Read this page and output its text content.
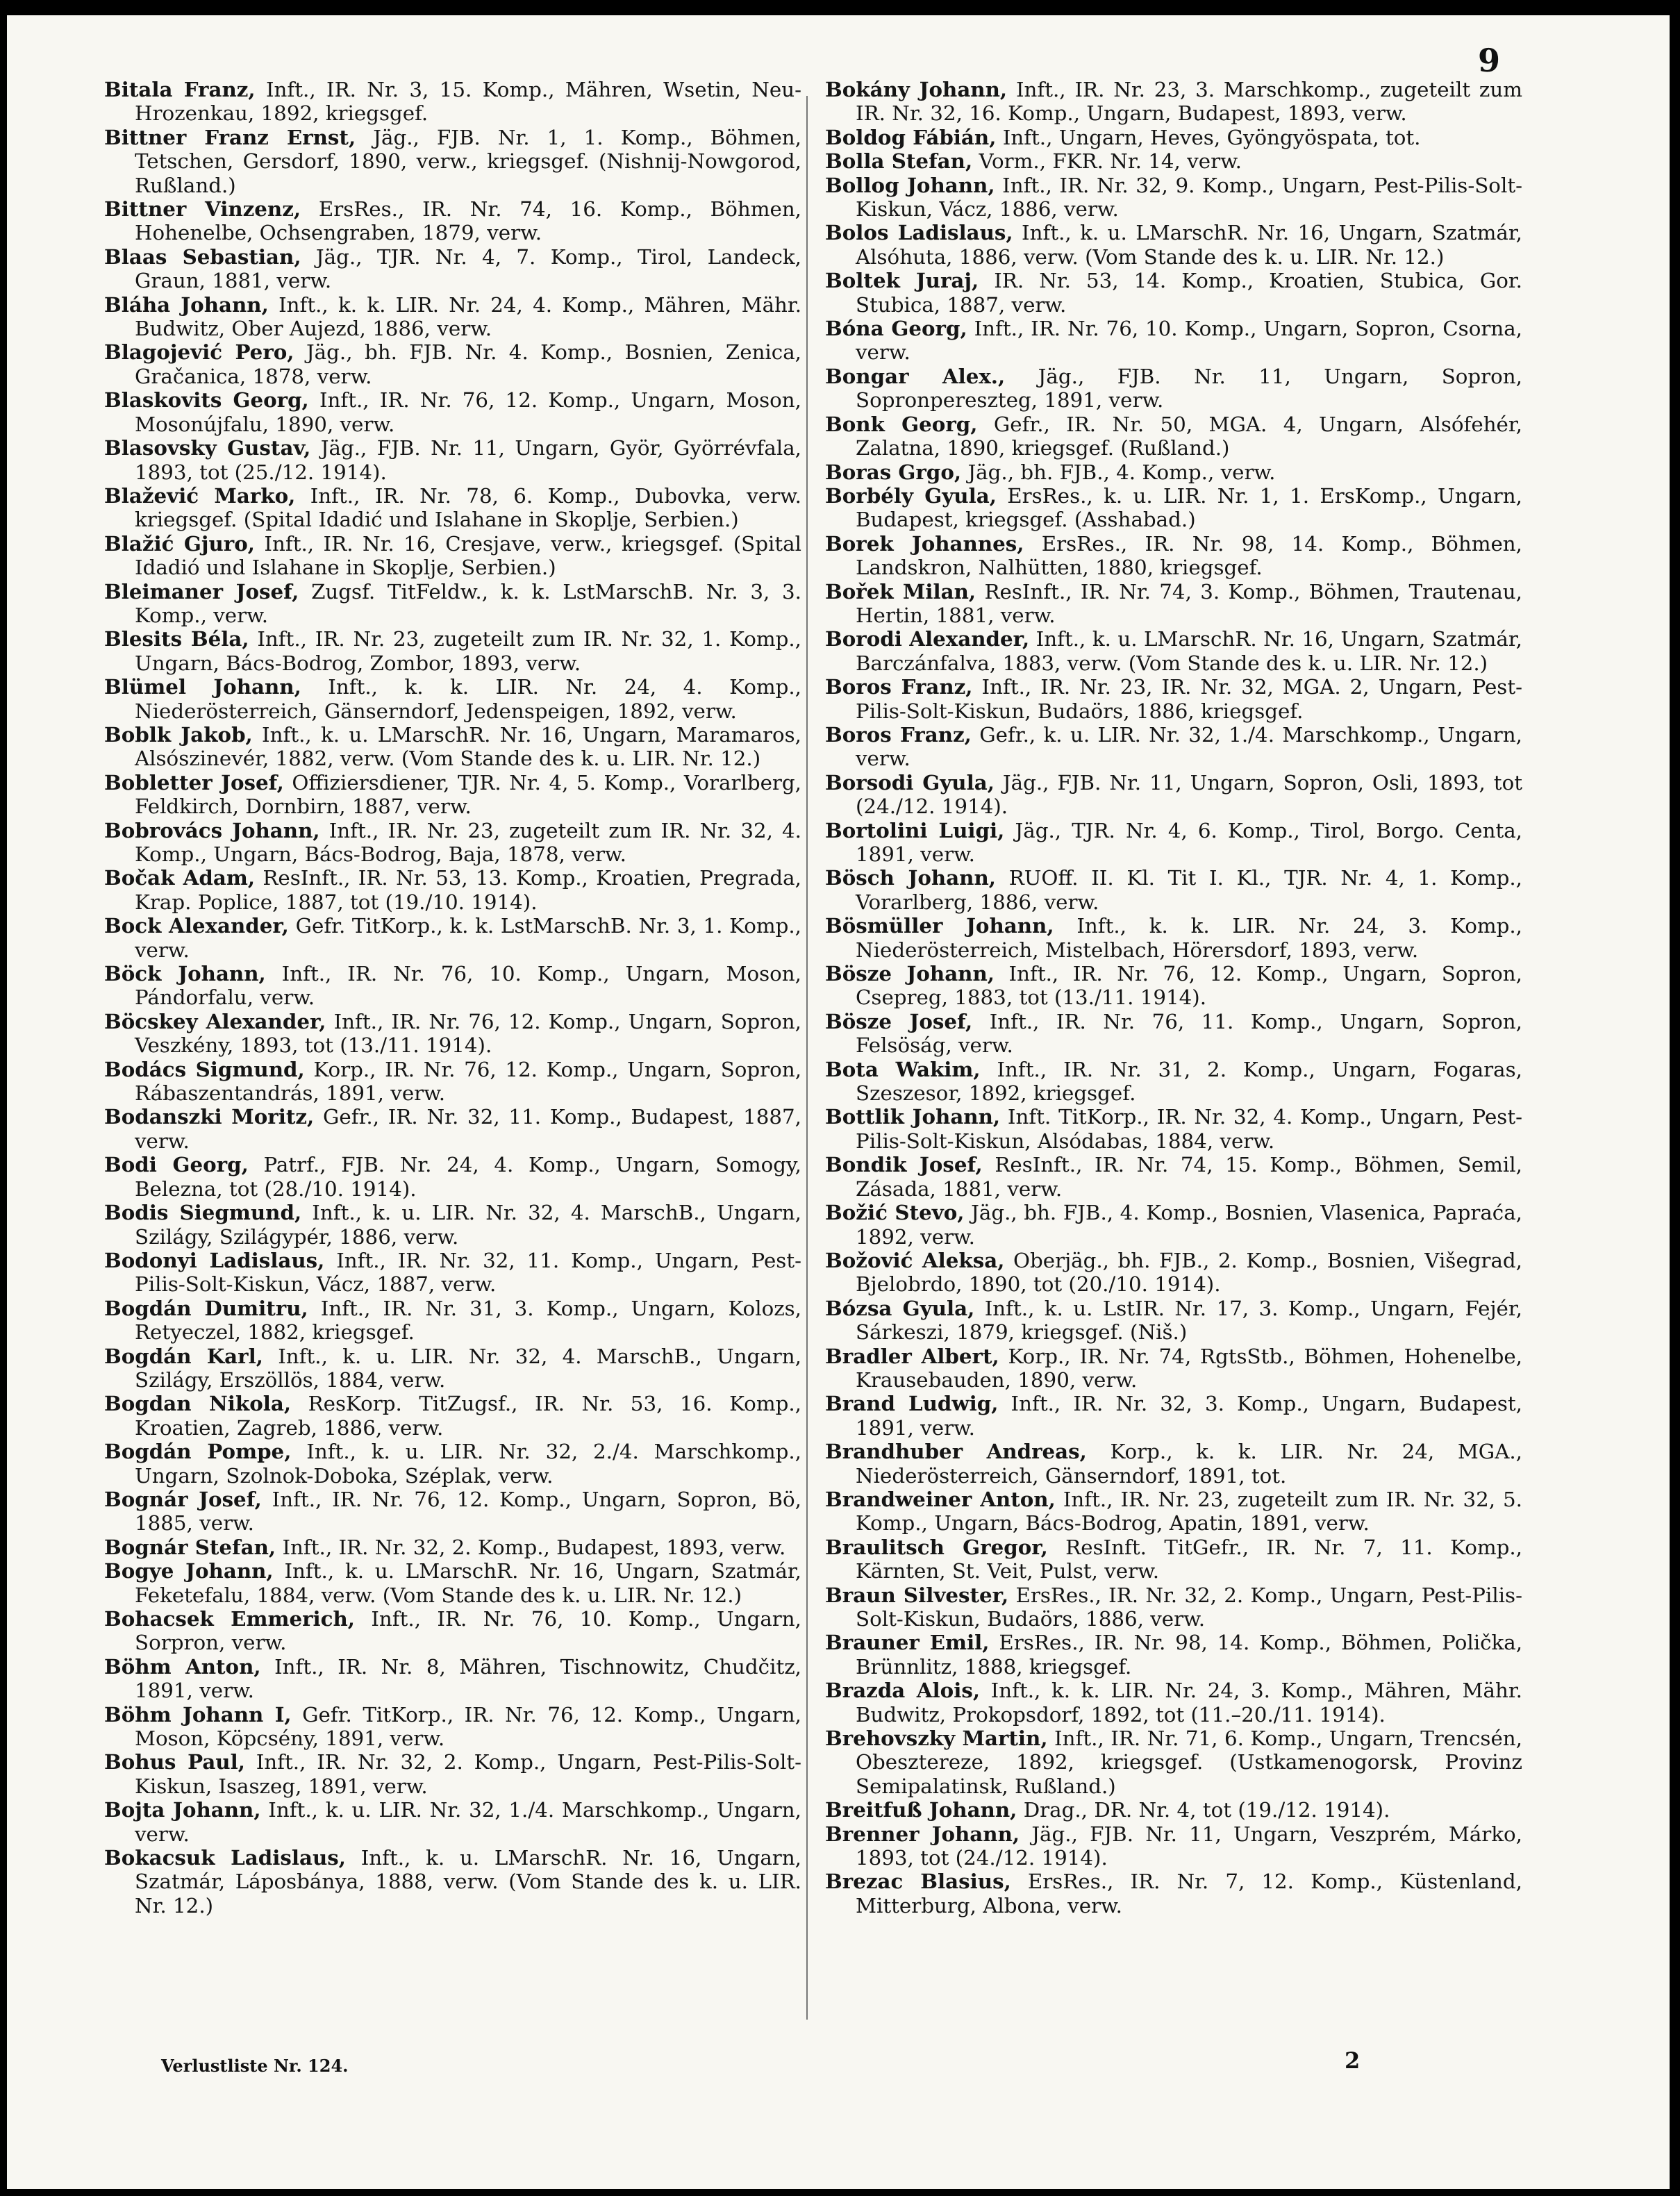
9

Bitala Franz, Inft., IR. Nr. 3, 15. Komp., Mähren, Wsetin, Neu-Hrozenkau, 1892, kriegsgef.

Bittner Franz Ernst, Jäg., FJB. Nr. 1, 1. Komp., Böhmen, Tetschen, Gersdorf, 1890, verw., kriegsgef. (Nishnij-Nowgorod, Rußland.)

Bittner Vinzenz, ErsRes., IR. Nr. 74, 16. Komp., Böhmen, Hohenelbe, Ochsengraben, 1879, verw.

Blaas Sebastian, Jäg., TJR. Nr. 4, 7. Komp., Tirol, Landeck, Graun, 1881, verw.

Bláha Johann, Inft., k. k. LIR. Nr. 24, 4. Komp., Mähren, Mähr. Budwitz, Ober Aujezd, 1886, verw.

Blagojević Pero, Jäg., bh. FJB. Nr. 4. Komp., Bosnien, Zenica, Gračanica, 1878, verw.

Blaskovits Georg, Inft., IR. Nr. 76, 12. Komp., Ungarn, Moson, Mosonújfalu, 1890, verw.

Blasovsky Gustav, Jäg., FJB. Nr. 11, Ungarn, Györ, Györrévfala, 1893, tot (25./12. 1914).

Blažević Marko, Inft., IR. Nr. 78, 6. Komp., Dubovka, verw. kriegsgef. (Spital Idadić und Islahane in Skoplje, Serbien.)

Blažić Gjuro, Inft., IR. Nr. 16, Cresjave, verw., kriegsgef. (Spital Idadió und Islahane in Skoplje, Serbien.)

Bleimaner Josef, Zugsf. TitFeldw., k. k. LstMarschB. Nr. 3, 3. Komp., verw.

Blesits Béla, Inft., IR. Nr. 23, zugeteilt zum IR. Nr. 32, 1. Komp., Ungarn, Bács-Bodrog, Zombor, 1893, verw.

Blümel Johann, Inft., k. k. LIR. Nr. 24, 4. Komp., Niederösterreich, Gänserndorf, Jedenspeigen, 1892, verw.

Boblk Jakob, Inft., k. u. LMarschR. Nr. 16, Ungarn, Maramaros, Alsószinevér, 1882, verw. (Vom Stande des k. u. LIR. Nr. 12.)

Bobletter Josef, Offiziersdiener, TJR. Nr. 4, 5. Komp., Vorarlberg, Feldkirch, Dornbirn, 1887, verw.

Bobrovács Johann, Inft., IR. Nr. 23, zugeteilt zum IR. Nr. 32, 4. Komp., Ungarn, Bács-Bodrog, Baja, 1878, verw.

Bočak Adam, ResInft., IR. Nr. 53, 13. Komp., Kroatien, Pregrada, Krap. Poplice, 1887, tot (19./10. 1914).

Bock Alexander, Gefr. TitKorp., k. k. LstMarschB. Nr. 3, 1. Komp., verw.

Böck Johann, Inft., IR. Nr. 76, 10. Komp., Ungarn, Moson, Pándorfalu, verw.

Böcskey Alexander, Inft., IR. Nr. 76, 12. Komp., Ungarn, Sopron, Veszkény, 1893, tot (13./11. 1914).

Bodács Sigmund, Korp., IR. Nr. 76, 12. Komp., Ungarn, Sopron, Rábaszentandrás, 1891, verw.

Bodanszki Moritz, Gefr., IR. Nr. 32, 11. Komp., Budapest, 1887, verw.

Bodi Georg, Patrf., FJB. Nr. 24, 4. Komp., Ungarn, Somogy, Belezna, tot (28./10. 1914).

Bodis Siegmund, Inft., k. u. LIR. Nr. 32, 4. MarschB., Ungarn, Szilágy, Szilágypér, 1886, verw.

Bodonyi Ladislaus, Inft., IR. Nr. 32, 11. Komp., Ungarn, Pest-Pilis-Solt-Kiskun, Vácz, 1887, verw.

Bogdán Dumitru, Inft., IR. Nr. 31, 3. Komp., Ungarn, Kolozs, Retyeczel, 1882, kriegsgef.

Bogdán Karl, Inft., k. u. LIR. Nr. 32, 4. MarschB., Ungarn, Szilágy, Erszöllös, 1884, verw.

Bogdan Nikola, ResKorp. TitZugsf., IR. Nr. 53, 16. Komp., Kroatien, Zagreb, 1886, verw.

Bogdán Pompe, Inft., k. u. LIR. Nr. 32, 2./4. Marschkomp., Ungarn, Szolnok-Doboka, Széplak, verw.

Bognár Josef, Inft., IR. Nr. 76, 12. Komp., Ungarn, Sopron, Bö, 1885, verw.

Bognár Stefan, Inft., IR. Nr. 32, 2. Komp., Budapest, 1893, verw.

Bogye Johann, Inft., k. u. LMarschR. Nr. 16, Ungarn, Szatmár, Feketefalu, 1884, verw. (Vom Stande des k. u. LIR. Nr. 12.)

Bohacsek Emmerich, Inft., IR. Nr. 76, 10. Komp., Ungarn, Sorpron, verw.

Böhm Anton, Inft., IR. Nr. 8, Mähren, Tischnowitz, Chudčitz, 1891, verw.

Böhm Johann I, Gefr. TitKorp., IR. Nr. 76, 12. Komp., Ungarn, Moson, Köpcsény, 1891, verw.

Bohus Paul, Inft., IR. Nr. 32, 2. Komp., Ungarn, Pest-Pilis-Solt-Kiskun, Isaszeg, 1891, verw.

Bojta Johann, Inft., k. u. LIR. Nr. 32, 1./4. Marschkomp., Ungarn, verw.

Bokacsuk Ladislaus, Inft., k. u. LMarschR. Nr. 16, Ungarn, Szatmár, Láposbánya, 1888, verw. (Vom Stande des k. u. LIR. Nr. 12.)

Bokány Johann, Inft., IR. Nr. 23, 3. Marschkomp., zugeteilt zum IR. Nr. 32, 16. Komp., Ungarn, Budapest, 1893, verw.

Boldog Fábián, Inft., Ungarn, Heves, Gyöngyöspata, tot.

Bolla Stefan, Vorm., FKR. Nr. 14, verw.

Bollog Johann, Inft., IR. Nr. 32, 9. Komp., Ungarn, Pest-Pilis-Solt-Kiskun, Vácz, 1886, verw.

Bolos Ladislaus, Inft., k. u. LMarschR. Nr. 16, Ungarn, Szatmár, Alsóhuta, 1886, verw. (Vom Stande des k. u. LIR. Nr. 12.)

Boltek Juraj, IR. Nr. 53, 14. Komp., Kroatien, Stubica, Gor. Stubica, 1887, verw.

Bóna Georg, Inft., IR. Nr. 76, 10. Komp., Ungarn, Sopron, Csorna, verw.

Bongar Alex., Jäg., FJB. Nr. 11, Ungarn, Sopron, Sopronpereszteg, 1891, verw.

Bonk Georg, Gefr., IR. Nr. 50, MGA. 4, Ungarn, Alsófehér, Zalatna, 1890, kriegsgef. (Rußland.)

Boras Grgo, Jäg., bh. FJB., 4. Komp., verw.

Borbély Gyula, ErsRes., k. u. LIR. Nr. 1, 1. ErsKomp., Ungarn, Budapest, kriegsgef. (Asshabad.)

Borek Johannes, ErsRes., IR. Nr. 98, 14. Komp., Böhmen, Landskron, Nalhütten, 1880, kriegsgef.

Bořek Milan, ResInft., IR. Nr. 74, 3. Komp., Böhmen, Trautenau, Hertin, 1881, verw.

Borodi Alexander, Inft., k. u. LMarschR. Nr. 16, Ungarn, Szatmár, Barczánfalva, 1883, verw. (Vom Stande des k. u. LIR. Nr. 12.)

Boros Franz, Inft., IR. Nr. 23, IR. Nr. 32, MGA. 2, Ungarn, Pest-Pilis-Solt-Kiskun, Budaörs, 1886, kriegsgef.

Boros Franz, Gefr., k. u. LIR. Nr. 32, 1./4. Marschkomp., Ungarn, verw.

Borsodi Gyula, Jäg., FJB. Nr. 11, Ungarn, Sopron, Osli, 1893, tot (24./12. 1914).

Bortolini Luigi, Jäg., TJR. Nr. 4, 6. Komp., Tirol, Borgo. Centa, 1891, verw.

Bösch Johann, RUOff. II. Kl. Tit I. Kl., TJR. Nr. 4, 1. Komp., Vorarlberg, 1886, verw.

Bösmüller Johann, Inft., k. k. LIR. Nr. 24, 3. Komp., Niederösterreich, Mistelbach, Hörersdorf, 1893, verw.

Bösze Johann, Inft., IR. Nr. 76, 12. Komp., Ungarn, Sopron, Csepreg, 1883, tot (13./11. 1914).

Bösze Josef, Inft., IR. Nr. 76, 11. Komp., Ungarn, Sopron, Felsöság, verw.

Bota Wakim, Inft., IR. Nr. 31, 2. Komp., Ungarn, Fogaras, Szeszesor, 1892, kriegsgef.

Bottlik Johann, Inft. TitKorp., IR. Nr. 32, 4. Komp., Ungarn, Pest-Pilis-Solt-Kiskun, Alsódabas, 1884, verw.

Bondik Josef, ResInft., IR. Nr. 74, 15. Komp., Böhmen, Semil, Zásada, 1881, verw.

Božić Stevo, Jäg., bh. FJB., 4. Komp., Bosnien, Vlasenica, Papraća, 1892, verw.

Božović Aleksa, Oberjäg., bh. FJB., 2. Komp., Bosnien, Višegrad, Bjelobrdo, 1890, tot (20./10. 1914).

Bózsa Gyula, Inft., k. u. LstIR. Nr. 17, 3. Komp., Ungarn, Fejér, Sárkeszi, 1879, kriegsgef. (Niš.)

Bradler Albert, Korp., IR. Nr. 74, RgtsStb., Böhmen, Hohenelbe, Krausebauden, 1890, verw.

Brand Ludwig, Inft., IR. Nr. 32, 3. Komp., Ungarn, Budapest, 1891, verw.

Brandhuber Andreas, Korp., k. k. LIR. Nr. 24, MGA., Niederösterreich, Gänserndorf, 1891, tot.

Brandweiner Anton, Inft., IR. Nr. 23, zugeteilt zum IR. Nr. 32, 5. Komp., Ungarn, Bács-Bodrog, Apatin, 1891, verw.

Braulitsch Gregor, ResInft. TitGefr., IR. Nr. 7, 11. Komp., Kärnten, St. Veit, Pulst, verw.

Braun Silvester, ErsRes., IR. Nr. 32, 2. Komp., Ungarn, Pest-Pilis-Solt-Kiskun, Budaörs, 1886, verw.

Brauner Emil, ErsRes., IR. Nr. 98, 14. Komp., Böhmen, Polička, Brünnlitz, 1888, kriegsgef.

Brazda Alois, Inft., k. k. LIR. Nr. 24, 3. Komp., Mähren, Mähr. Budwitz, Prokopsdorf, 1892, tot (11.–20./11. 1914).

Brehovszky Martin, Inft., IR. Nr. 71, 6. Komp., Ungarn, Trencsén, Obesztereze, 1892, kriegsgef. (Ustkamenogorsk, Provinz Semipalatinsk, Rußland.)

Breitfuß Johann, Drag., DR. Nr. 4, tot (19./12. 1914).

Brenner Johann, Jäg., FJB. Nr. 11, Ungarn, Veszprém, Márko, 1893, tot (24./12. 1914).

Brezac Blasius, ErsRes., IR. Nr. 7, 12. Komp., Küstenland, Mitterburg, Albona, verw.

Verlustliste Nr. 124.	2
